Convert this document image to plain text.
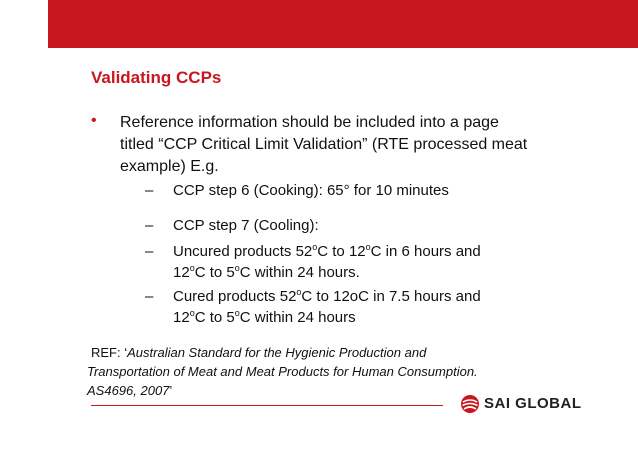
Validating CCPs
• Reference information should be included into a page titled “CCP Critical Limit Validation” (RTE processed meat example) E.g.
– CCP step 6 (Cooking): 65° for 10 minutes
– CCP step 7 (Cooling):
– Uncured products 52$^o$C to 12$^o$C in 6 hours and
12$^o$C to 5$^o$C within 24 hours.
– Cured products 52$^o$C to 12oC in 7.5 hours and
12$^o$C to 5$^o$C within 24 hours
REF: ‘Australian Standard for the Hygienic Production and
Transportation of Meat and Meat Products for Human Consumption.
AS4696, 2007’
SAI GLOBAL
